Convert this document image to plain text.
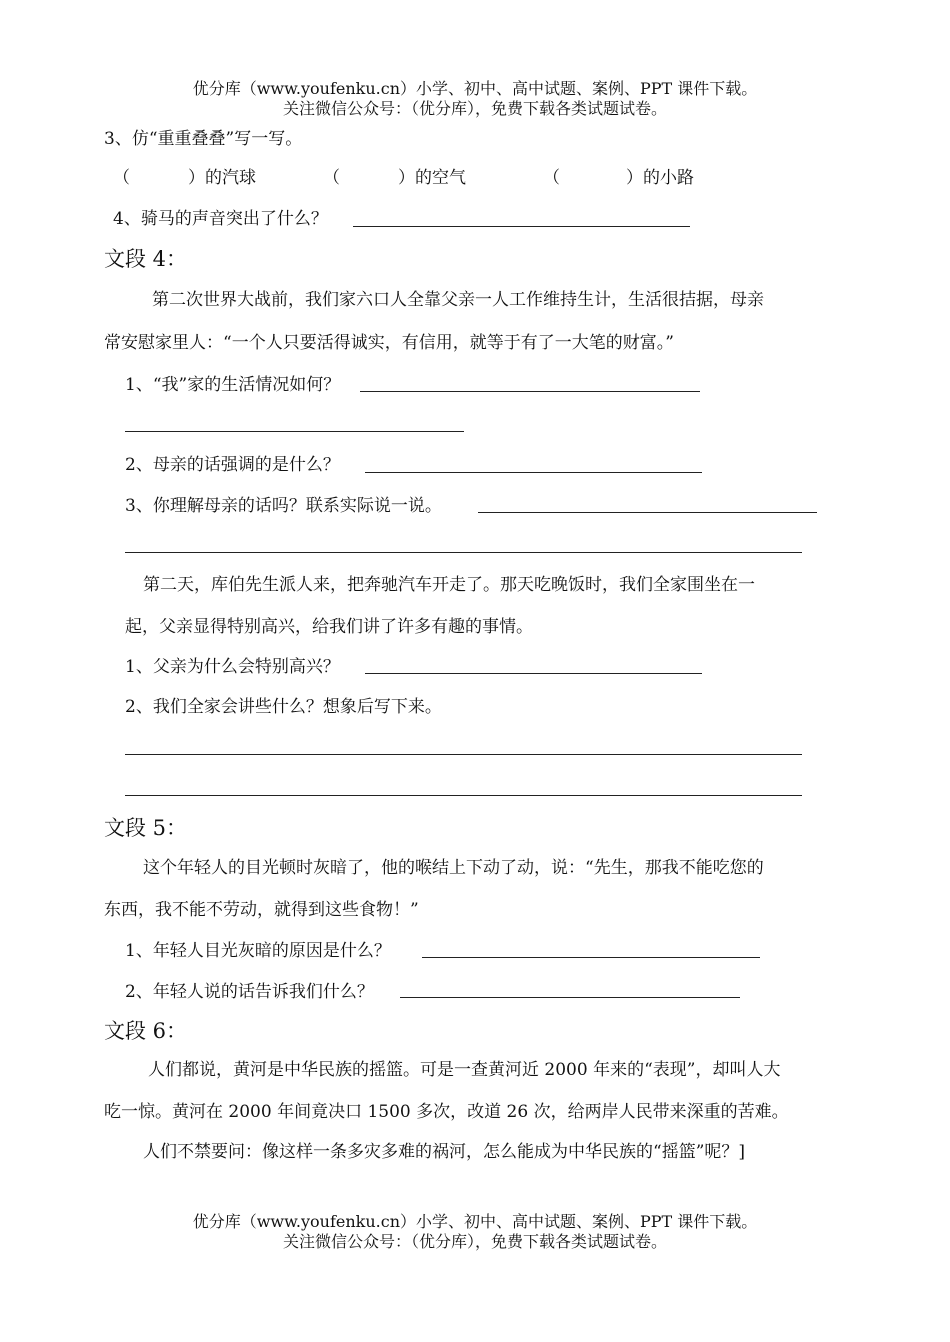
优分库（www.youfenku.cn）小学、初中、高中试题、案例、PPT 课件下载。
关注微信公众号：（优分库），免费下载各类试题试卷。
3、仿“重重叠叠”写一写。
（	）的汽球	（	）的空气	（	）的小路
4、骑马的声音突出了什么？
文段 4：
第二次世界大战前，我们家六口人全靠父亲一人工作维持生计，生活很拮据，母亲
常安慰家里人：“一个人只要活得诚实，有信用，就等于有了一大笔的财富。”
1、“我”家的生活情况如何？
2、母亲的话强调的是什么？
3、你理解母亲的话吗？联系实际说一说。
第二天，库伯先生派人来，把奔驰汽车开走了。那天吃晚饭时，我们全家围坐在一
起，父亲显得特别高兴，给我们讲了许多有趣的事情。
1、父亲为什么会特别高兴？
2、我们全家会讲些什么？想象后写下来。
文段 5：
这个年轻人的目光顿时灰暗了，他的喉结上下动了动，说：“先生，那我不能吃您的
东西，我不能不劳动，就得到这些食物！”
1、年轻人目光灰暗的原因是什么？
2、年轻人说的话告诉我们什么？
文段 6：
人们都说，黄河是中华民族的摇篮。可是一查黄河近 2000 年来的“表现”，却叫人大
吃一惊。黄河在 2000 年间竟决口 1500 多次，改道 26 次，给两岸人民带来深重的苦难。
人们不禁要问：像这样一条多灾多难的祸河，怎么能成为中华民族的“摇篮”呢？]
优分库（www.youfenku.cn）小学、初中、高中试题、案例、PPT 课件下载。
关注微信公众号：（优分库），免费下载各类试题试卷。
